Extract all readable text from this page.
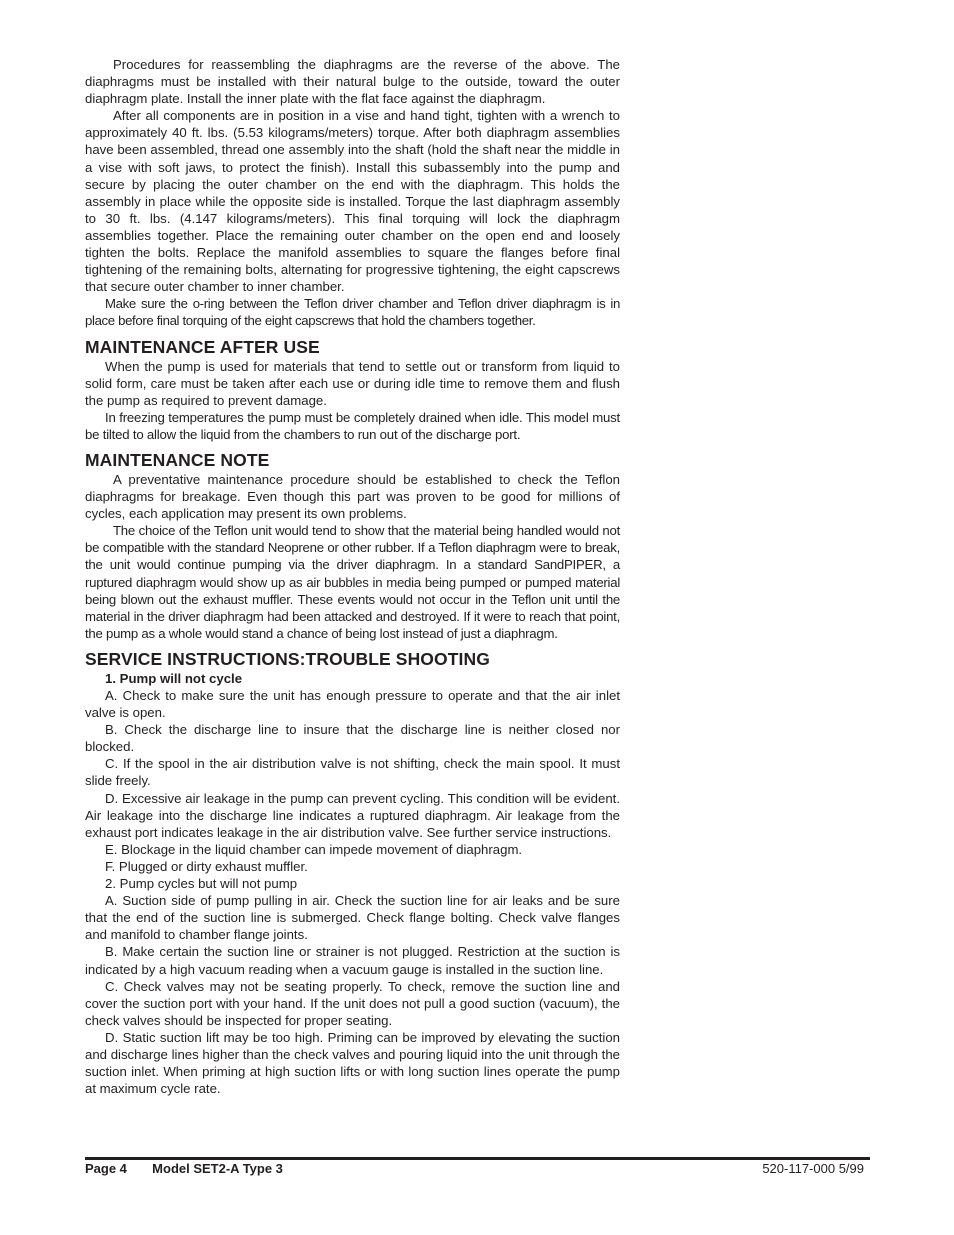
Procedures for reassembling the diaphragms are the reverse of the above. The diaphragms must be installed with their natural bulge to the outside, toward the outer diaphragm plate. Install the inner plate with the flat face against the diaphragm.

After all components are in position in a vise and hand tight, tighten with a wrench to approximately 40 ft. lbs. (5.53 kilograms/meters) torque. After both diaphragm assemblies have been assembled, thread one assembly into the shaft (hold the shaft near the middle in a vise with soft jaws, to protect the finish). Install this subassembly into the pump and secure by placing the outer chamber on the end with the diaphragm. This holds the assembly in place while the opposite side is installed. Torque the last diaphragm assembly to 30 ft. lbs. (4.147 kilograms/meters). This final torquing will lock the diaphragm assemblies together. Place the remaining outer chamber on the open end and loosely tighten the bolts. Replace the manifold assemblies to square the flanges before final tightening of the remaining bolts, alternating for progressive tightening, the eight capscrews that secure outer chamber to inner chamber.

Make sure the o-ring between the Teflon driver chamber and Teflon driver diaphragm is in place before final torquing of the eight capscrews that hold the chambers together.

MAINTENANCE AFTER USE

When the pump is used for materials that tend to settle out or transform from liquid to solid form, care must be taken after each use or during idle time to remove them and flush the pump as required to prevent damage.

In freezing temperatures the pump must be completely drained when idle. This model must be tilted to allow the liquid from the chambers to run out of the discharge port.

MAINTENANCE NOTE

A preventative maintenance procedure should be established to check the Teflon diaphragms for breakage. Even though this part was proven to be good for millions of cycles, each application may present its own problems.

The choice of the Teflon unit would tend to show that the material being handled would not be compatible with the standard Neoprene or other rubber. If a Teflon diaphragm were to break, the unit would continue pumping via the driver diaphragm. In a standard SandPIPER, a ruptured diaphragm would show up as air bubbles in media being pumped or pumped material being blown out the exhaust muffler. These events would not occur in the Teflon unit until the material in the driver diaphragm had been attacked and destroyed. If it were to reach that point, the pump as a whole would stand a chance of being lost instead of just a diaphragm.

SERVICE INSTRUCTIONS:TROUBLE SHOOTING
1. Pump will not cycle

A. Check to make sure the unit has enough pressure to operate and that the air inlet valve is open.

B. Check the discharge line to insure that the discharge line is neither closed nor blocked.

C. If the spool in the air distribution valve is not shifting, check the main spool. It must slide freely.

D. Excessive air leakage in the pump can prevent cycling. This condition will be evident. Air leakage into the discharge line indicates a ruptured diaphragm. Air leakage from the exhaust port indicates leakage in the air distribution valve. See further service instructions.

E. Blockage in the liquid chamber can impede movement of diaphragm.

F. Plugged or dirty exhaust muffler.

2. Pump cycles but will not pump

A. Suction side of pump pulling in air. Check the suction line for air leaks and be sure that the end of the suction line is submerged. Check flange bolting. Check valve flanges and manifold to chamber flange joints.

B. Make certain the suction line or strainer is not plugged. Restriction at the suction is indicated by a high vacuum reading when a vacuum gauge is installed in the suction line.

C. Check valves may not be seating properly. To check, remove the suction line and cover the suction port with your hand. If the unit does not pull a good suction (vacuum), the check valves should be inspected for proper seating.

D. Static suction lift may be too high. Priming can be improved by elevating the suction and discharge lines higher than the check valves and pouring liquid into the unit through the suction inlet. When priming at high suction lifts or with long suction lines operate the pump at maximum cycle rate.

Page 4 Model SET2-A Type 3	520-117-000 5/99
